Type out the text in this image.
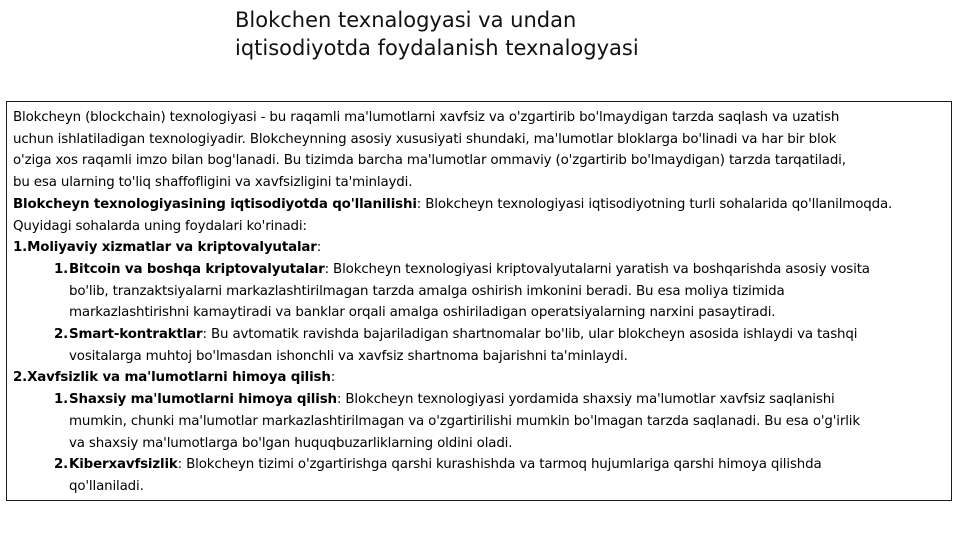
Blokchen texnalogyasi va undan
iqtisodiyotda foydalanish texnalogyasi
Blokcheyn (blockchain) texnologiyasi - bu raqamli ma'lumotlarni xavfsiz va o'zgartirib bo'lmaydigan tarzda saqlash va uzatish
uchun ishlatiladigan texnologiyadir. Blokcheynning asosiy xususiyati shundaki, ma'lumotlar bloklarga bo'linadi va har bir blok
o'ziga xos raqamli imzo bilan bog'lanadi. Bu tizimda barcha ma'lumotlar ommaviy (o'zgartirib bo'lmaydigan) tarzda tarqatiladi,
bu esa ularning to'liq shaffofligini va xavfsizligini ta'minlaydi.
Blokcheyn texnologiyasining iqtisodiyotda qo'llanilishi: Blokcheyn texnologiyasi iqtisodiyotning turli sohalarida qo'llanilmoqda.
Quyidagi sohalarda uning foydalari ko'rinadi:
1.Moliyaviy xizmatlar va kriptovalyutalar:
1. Bitcoin va boshqa kriptovalyutalar: Blokcheyn texnologiyasi kriptovalyutalarni yaratish va boshqarishda asosiy vosita
bo'lib, tranzaktsiyalarni markazlashtirilmagan tarzda amalga oshirish imkonini beradi. Bu esa moliya tizimida
markazlashtirishni kamaytiradi va banklar orqali amalga oshiriladigan operatsiyalarning narxini pasaytiradi.
2. Smart-kontraktlar: Bu avtomatik ravishda bajariladigan shartnomalar bo'lib, ular blokcheyn asosida ishlaydi va tashqi
vositalarga muhtoj bo'lmasdan ishonchli va xavfsiz shartnoma bajarishni ta'minlaydi.
2.Xavfsizlik va ma'lumotlarni himoya qilish:
1. Shaxsiy ma'lumotlarni himoya qilish: Blokcheyn texnologiyasi yordamida shaxsiy ma'lumotlar xavfsiz saqlanishi
mumkin, chunki ma'lumotlar markazlashtirilmagan va o'zgartirilishi mumkin bo'lmagan tarzda saqlanadi. Bu esa o'g'irlik
va shaxsiy ma'lumotlarga bo'lgan huquqbuzarliklarning oldini oladi.
2. Kiberxavfsizlik: Blokcheyn tizimi o'zgartirishga qarshi kurashishda va tarmoq hujumlariga qarshi himoya qilishda
qo'llaniladi.
